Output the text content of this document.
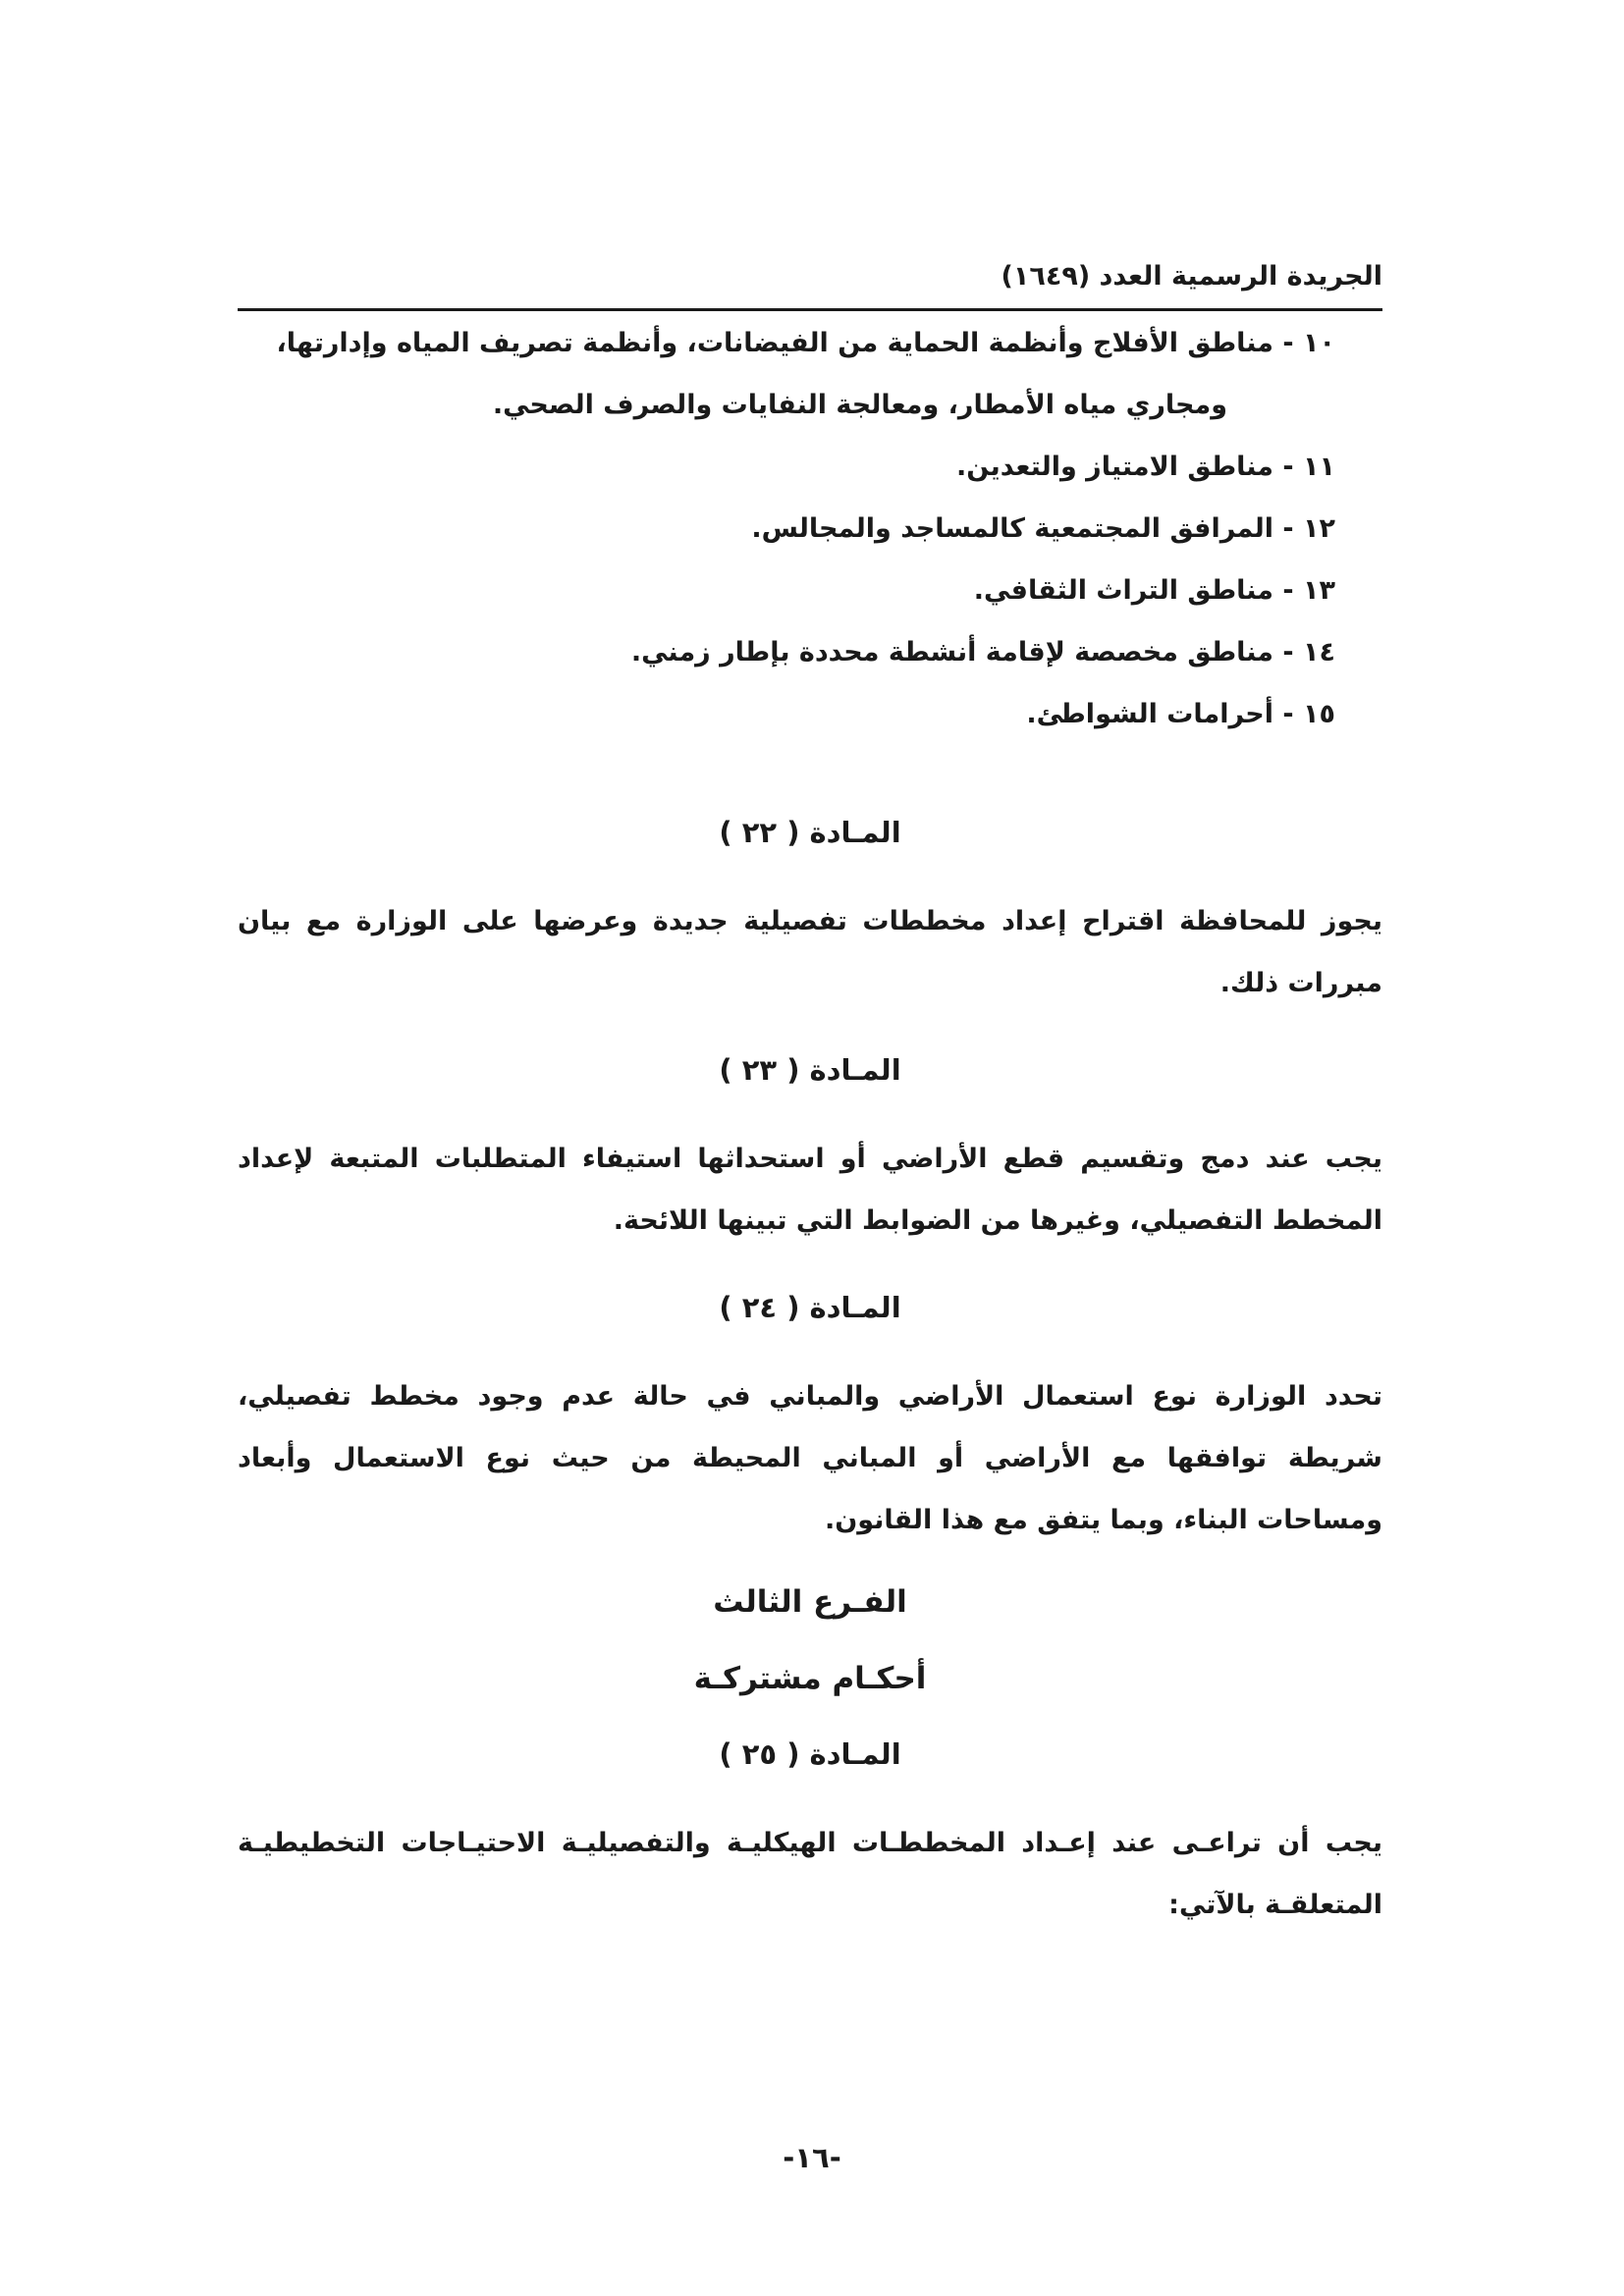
الجريدة الرسمية العدد (١٦٤٩)
١٠ - مناطق الأفلاج وأنظمة الحماية من الفيضانات، وأنظمة تصريف المياه وإدارتها،
ومجاري مياه الأمطار، ومعالجة النفايات والصرف الصحي.
١١ - مناطق الامتياز والتعدين.
١٢ - المرافق المجتمعية كالمساجد والمجالس.
١٣ - مناطق التراث الثقافي.
١٤ - مناطق مخصصة لإقامة أنشطة محددة بإطار زمني.
١٥ - أحرامات الشواطئ.
المـادة ( ٢٢ )
يجوز للمحافظة اقتراح إعداد مخططات تفصيلية جديدة وعرضها على الوزارة مع بيان مبررات ذلك.
المـادة ( ٢٣ )
يجب عند دمج وتقسيم قطع الأراضي أو استحداثها استيفاء المتطلبات المتبعة لإعداد المخطط التفصيلي، وغيرها من الضوابط التي تبينها اللائحة.
المـادة ( ٢٤ )
تحدد الوزارة نوع استعمال الأراضي والمباني في حالة عدم وجود مخطط تفصيلي، شريطة توافقها مع الأراضي أو المباني المحيطة من حيث نوع الاستعمال وأبعاد ومساحات البناء، وبما يتفق مع هذا القانون.
الفـرع الثالث
أحكـام مشتركـة
المـادة ( ٢٥ )
يجب أن تراعـى عند إعـداد المخططـات الهيكليـة والتفصيليـة الاحتيـاجات التخطيطيـة المتعلقـة بالآتي:
-١٦-
